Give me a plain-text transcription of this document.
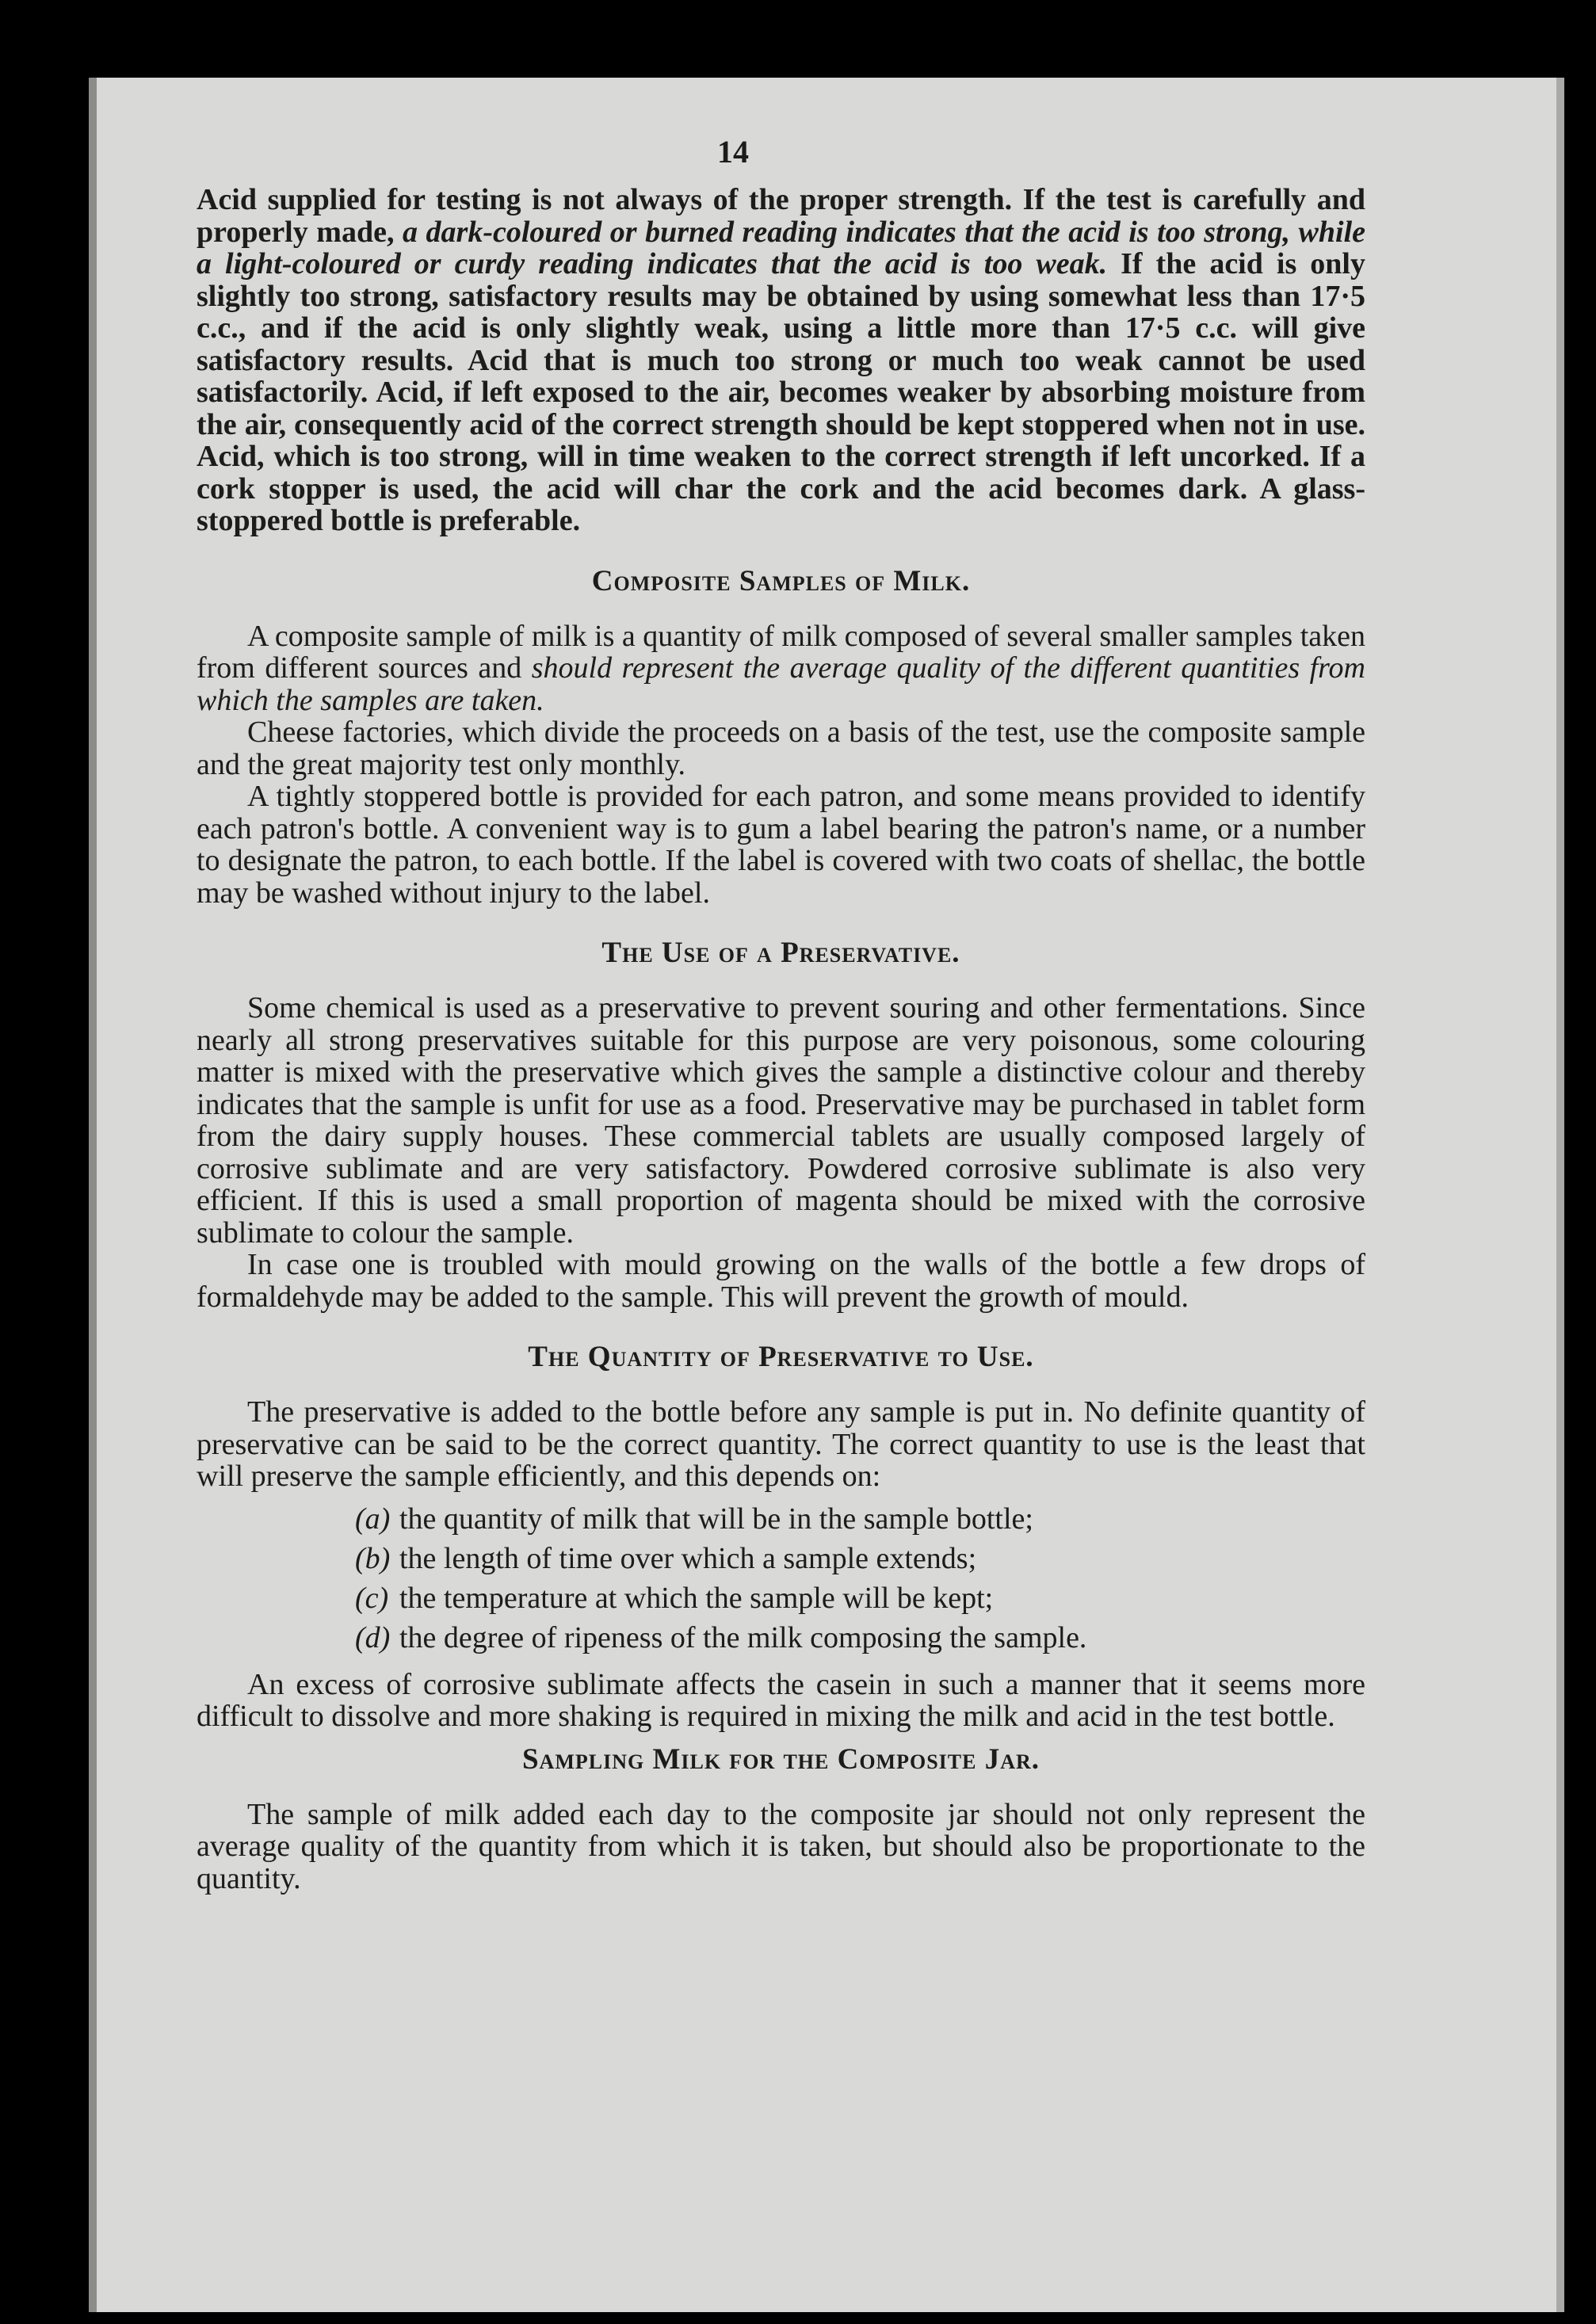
14

Acid supplied for testing is not always of the proper strength. If the test is carefully and properly made, a dark-coloured or burned reading indicates that the acid is too strong, while a light-coloured or curdy reading indicates that the acid is too weak. If the acid is only slightly too strong, satisfactory results may be obtained by using somewhat less than 17·5 c.c., and if the acid is only slightly weak, using a little more than 17·5 c.c. will give satisfactory results. Acid that is much too strong or much too weak cannot be used satisfactorily. Acid, if left exposed to the air, becomes weaker by absorbing moisture from the air, consequently acid of the correct strength should be kept stoppered when not in use. Acid, which is too strong, will in time weaken to the correct strength if left uncorked. If a cork stopper is used, the acid will char the cork and the acid becomes dark. A glass-stoppered bottle is preferable.

Composite Samples of Milk.

A composite sample of milk is a quantity of milk composed of several smaller samples taken from different sources and should represent the average quality of the different quantities from which the samples are taken.

Cheese factories, which divide the proceeds on a basis of the test, use the composite sample and the great majority test only monthly.

A tightly stoppered bottle is provided for each patron, and some means provided to identify each patron's bottle. A convenient way is to gum a label bearing the patron's name, or a number to designate the patron, to each bottle. If the label is covered with two coats of shellac, the bottle may be washed without injury to the label.

The Use of a Preservative.

Some chemical is used as a preservative to prevent souring and other fermentations. Since nearly all strong preservatives suitable for this purpose are very poisonous, some colouring matter is mixed with the preservative which gives the sample a distinctive colour and thereby indicates that the sample is unfit for use as a food. Preservative may be purchased in tablet form from the dairy supply houses. These commercial tablets are usually composed largely of corrosive sublimate and are very satisfactory. Powdered corrosive sublimate is also very efficient. If this is used a small proportion of magenta should be mixed with the corrosive sublimate to colour the sample.

In case one is troubled with mould growing on the walls of the bottle a few drops of formaldehyde may be added to the sample. This will prevent the growth of mould.

The Quantity of Preservative to Use.

The preservative is added to the bottle before any sample is put in. No definite quantity of preservative can be said to be the correct quantity. The correct quantity to use is the least that will preserve the sample efficiently, and this depends on:

(a) the quantity of milk that will be in the sample bottle;
(b) the length of time over which a sample extends;
(c) the temperature at which the sample will be kept;
(d) the degree of ripeness of the milk composing the sample.

An excess of corrosive sublimate affects the casein in such a manner that it seems more difficult to dissolve and more shaking is required in mixing the milk and acid in the test bottle.

Sampling Milk for the Composite Jar.

The sample of milk added each day to the composite jar should not only represent the average quality of the quantity from which it is taken, but should also be proportionate to the quantity.
